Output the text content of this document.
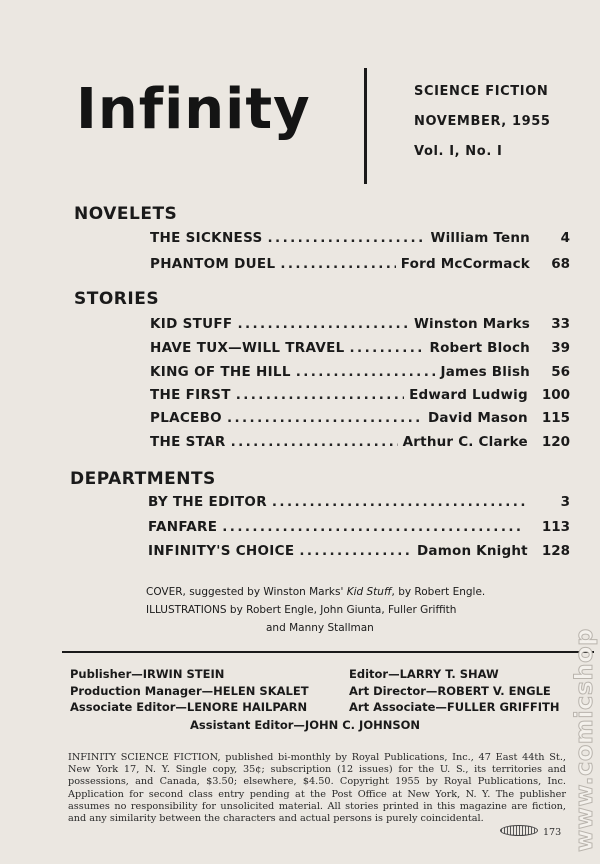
Infinity	SCIENCE FICTION
NOVEMBER, 1955
Vol. I, No. I
NOVELETS
THE SICKNESS .....	William Tenn	4
PHANTOM DUEL .....	Ford McCormack	68
STORIES
KID STUFF .....	Winston Marks	33
HAVE TUX—WILL TRAVEL .....	Robert Bloch	39
KING OF THE HILL .....	James Blish	56
THE FIRST .....	Edward Ludwig 100
PLACEBO .....	David Mason 115
THE STAR .....	Arthur C. Clarke 120
DEPARTMENTS
BY THE EDITOR .....	3
FANFARE .....	113
INFINITY'S CHOICE .....	Damon Knight 128
COVER, suggested by Winston Marks' Kid Stuff, by Robert Engle.
ILLUSTRATIONS by Robert Engle, John Giunta, Fuller Griffith
and Manny Stallman
Publisher—IRWIN STEIN
Production Manager—HELEN SKALET
Associate Editor—LENORE HAILPARN
Editor—LARRY T. SHAW
Art Director—ROBERT V. ENGLE
Art Associate—FULLER GRIFFITH
Assistant Editor—JOHN C. JOHNSON
INFINITY SCIENCE FICTION, published bi-monthly by Royal Publications, Inc., 47 East 44th St., New York 17, N. Y. Single copy, 35¢; subscription (12 issues) for the U. S., its territories and possessions, and Canada, $3.50; elsewhere, $4.50. Copyright 1955 by Royal Publications, Inc. Application for second class entry pending at the Post Office at New York, N. Y. The publisher assumes no responsibility for unsolicited material. All stories printed in this magazine are fiction, and any similarity between the characters and actual persons is purely coincidental.
173 www.comicshop
